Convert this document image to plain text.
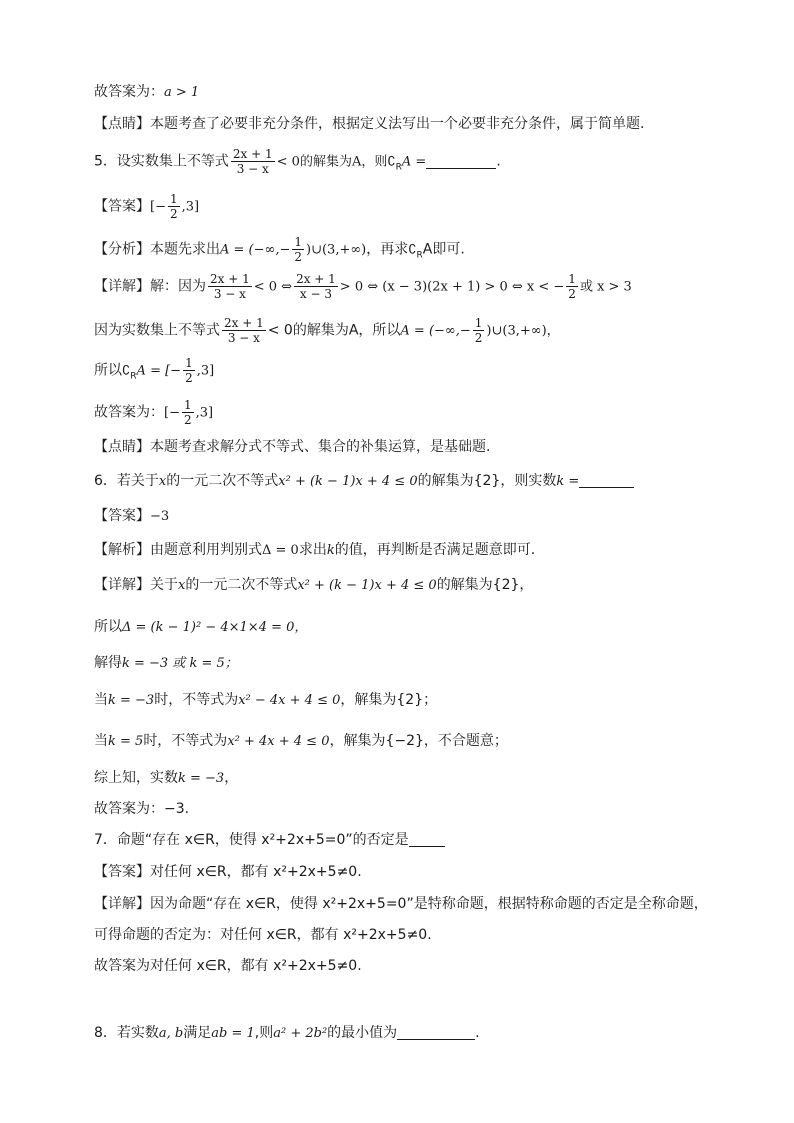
故答案为：a > 1
【点睛】本题考查了必要非充分条件，根据定义法写出一个必要非充分条件，属于简单题.
5．设实数集上不等式 $\frac{2x + 1}{3 - x} < 0$的解集为A，则$∁_RA$ =	.
【答案】[− $\frac{1}{2} ,3$]
【分析】本题先求出A = (−∞,− $\frac{1}{2}$ )∪(3,+∞)，再求$∁_RA$即可.
【详解】解：因为 $\frac{2x + 1}{3 - x} < 0$ ⇔ $\frac{2x + 1}{x - 3} > 0$ ⇔ (x − 3)(2x + 1) > 0 ⇔ x < − $\frac{1}{2}$ 或 x > 3
因为实数集上不等式 $\frac{2x + 1}{3 - x} < 0$的解集为A，所以A = (−∞,− $\frac{1}{2}$ )∪(3,+∞)，
所以$∁_RA$ = [− $\frac{1}{2} ,3$]
故答案为：[− $\frac{1}{2} ,3$]
【点睛】本题考查求解分式不等式、集合的补集运算，是基础题.
6．若关于x的一元二次不等式x² + (k − 1)x + 4 ≤ 0的解集为{2}，则实数k =
【答案】−3
【解析】由题意利用判别式Δ = 0求出k的值，再判断是否满足题意即可.
【详解】关于x的一元二次不等式x² + (k − 1)x + 4 ≤ 0的解集为{2}，
所以Δ = (k − 1)² − 4×1×4 = 0，
解得k = −3 或 k = 5；
当k = −3时，不等式为x² − 4x + 4 ≤ 0，解集为{2}；
当k = 5时，不等式为x² + 4x + 4 ≤ 0，解集为{−2}，不合题意；
综上知，实数k = −3，
故答案为：−3.
7．命题“存在 x∈R，使得 x²+2x+5=0”的否定是
【答案】对任何 x∈R，都有 x²+2x+5≠0.
【详解】因为命题“存在 x∈R，使得 x²+2x+5=0”是特称命题，根据特称命题的否定是全称命题，
可得命题的否定为：对任何 x∈R，都有 x²+2x+5≠0.
故答案为对任何 x∈R，都有 x²+2x+5≠0.
8．若实数a, b满足ab = 1,则a² + 2b²的最小值为	.
